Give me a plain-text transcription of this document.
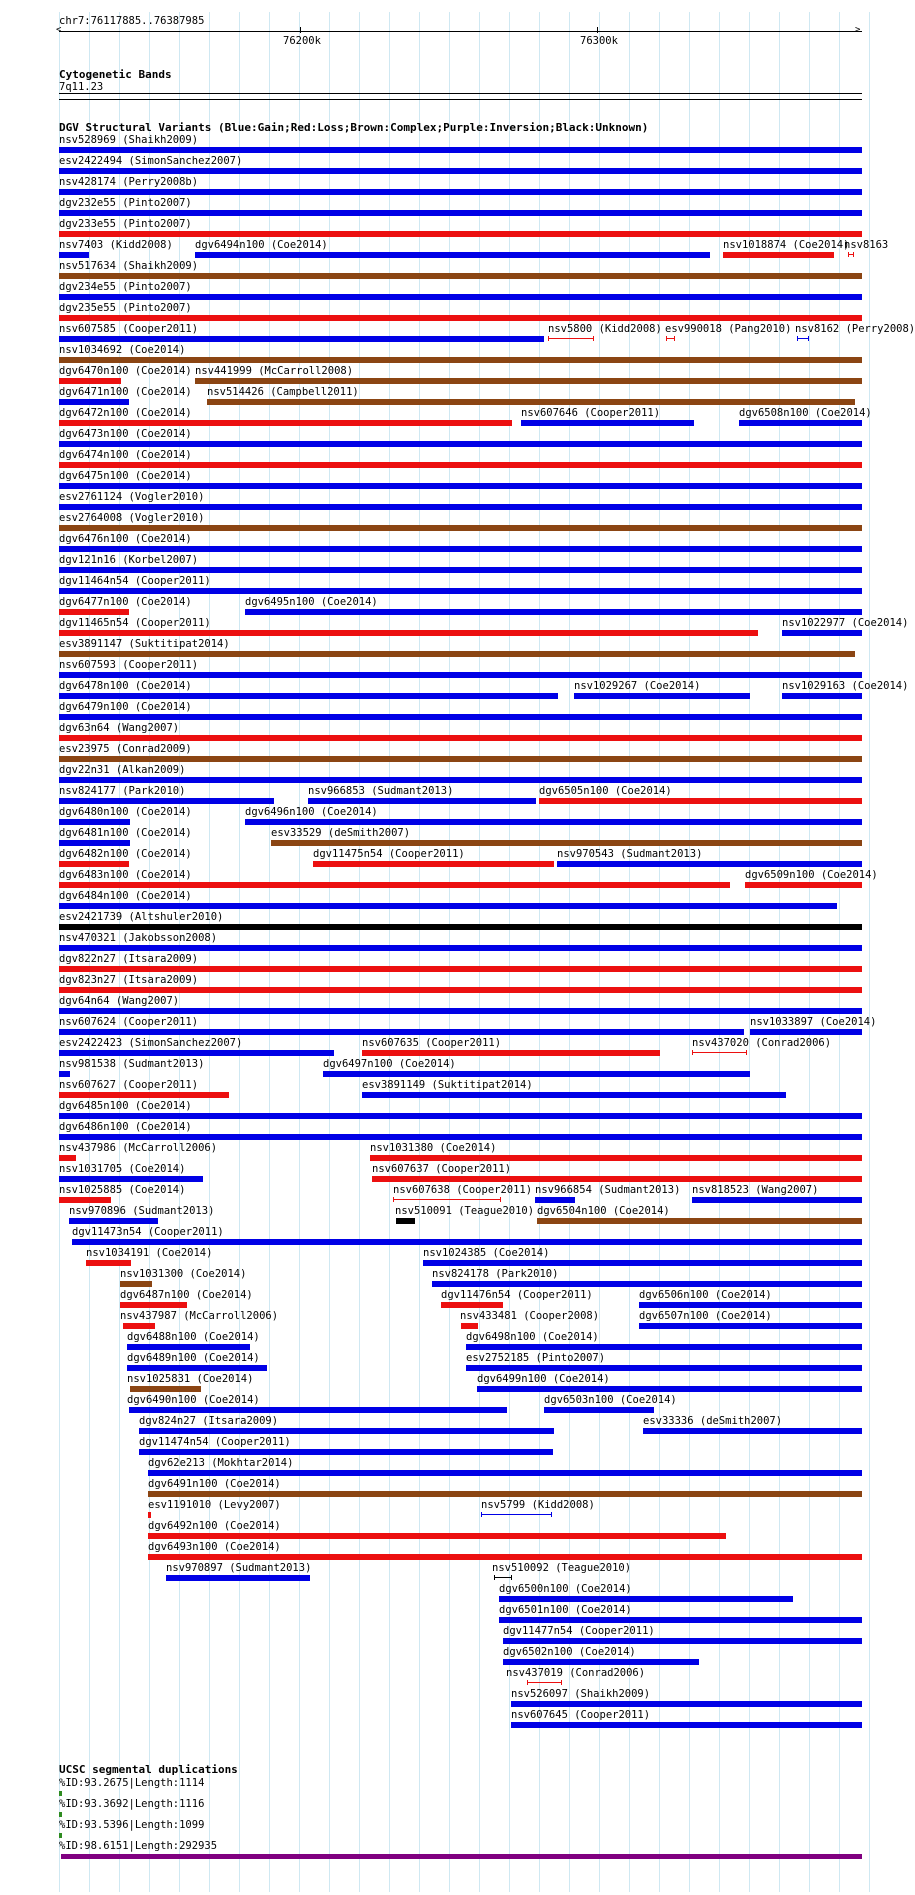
chr7:76117885..76387985
<	>
76200k	76300k
Cytogenetic Bands
7q11.23
DGV Structural Variants (Blue:Gain;Red:Loss;Brown:Complex;Purple:Inversion;Black:Unknown)
nsv528969 (Shaikh2009)
esv2422494 (SimonSanchez2007)
nsv428174 (Perry2008b)
dgv232e55 (Pinto2007)
dgv233e55 (Pinto2007)
nsv7403 (Kidd2008) dgv6494n100 (Coe2014)	nsv1018874 (Coe2014)
nsv8163
nsv517634 (Shaikh2009)
dgv234e55 (Pinto2007)
dgv235e55 (Pinto2007)
nsv607585 (Cooper2011)	nsv5800 (Kidd2008) esv990018 (Pang2010) nsv8162 (Perry2008)
nsv1034692 (Coe2014)
dgv6470n100 (Coe2014) nsv441999 (McCarroll2008)
dgv6471n100 (Coe2014) nsv514426 (Campbell2011)
dgv6472n100 (Coe2014)	nsv607646 (Cooper2011)	dgv6508n100 (Coe2014)
dgv6473n100 (Coe2014)
dgv6474n100 (Coe2014)
dgv6475n100 (Coe2014)
esv2761124 (Vogler2010)
esv2764008 (Vogler2010)
dgv6476n100 (Coe2014)
dgv121n16 (Korbel2007)
dgv11464n54 (Cooper2011)
dgv6477n100 (Coe2014)	dgv6495n100 (Coe2014)
dgv11465n54 (Cooper2011)	nsv1022977 (Coe2014)
esv3891147 (Suktitipat2014)
nsv607593 (Cooper2011)
dgv6478n100 (Coe2014)	nsv1029267 (Coe2014)	nsv1029163 (Coe2014)
dgv6479n100 (Coe2014)
dgv63n64 (Wang2007)
esv23975 (Conrad2009)
dgv22n31 (Alkan2009)
nsv824177 (Park2010)	nsv966853 (Sudmant2013)	dgv6505n100 (Coe2014)
dgv6480n100 (Coe2014)	dgv6496n100 (Coe2014)
dgv6481n100 (Coe2014)	esv33529 (deSmith2007)
dgv6482n100 (Coe2014)	dgv11475n54 (Cooper2011)	nsv970543 (Sudmant2013)
dgv6483n100 (Coe2014)	dgv6509n100 (Coe2014)
dgv6484n100 (Coe2014)
esv2421739 (Altshuler2010)
nsv470321 (Jakobsson2008)
dgv822n27 (Itsara2009)
dgv823n27 (Itsara2009)
dgv64n64 (Wang2007)
nsv607624 (Cooper2011)	nsv1033897 (Coe2014)
esv2422423 (SimonSanchez2007)	nsv607635 (Cooper2011)	nsv437020 (Conrad2006)
nsv981538 (Sudmant2013)	dgv6497n100 (Coe2014)
nsv607627 (Cooper2011)	esv3891149 (Suktitipat2014)
dgv6485n100 (Coe2014)
dgv6486n100 (Coe2014)
nsv437986 (McCarroll2006)	nsv1031380 (Coe2014)
nsv1031705 (Coe2014)	nsv607637 (Cooper2011)
nsv1025885 (Coe2014)	nsv607638 (Cooper2011) nsv966854 (Sudmant2013) nsv818523 (Wang2007)
nsv970896 (Sudmant2013)	nsv510091 (Teague2010) dgv6504n100 (Coe2014)
dgv11473n54 (Cooper2011)
nsv1034191 (Coe2014)	nsv1024385 (Coe2014)
nsv1031300 (Coe2014)	nsv824178 (Park2010)
dgv6487n100 (Coe2014)	dgv11476n54 (Cooper2011)	dgv6506n100 (Coe2014)
nsv437987 (McCarroll2006)	nsv433481 (Cooper2008)	dgv6507n100 (Coe2014)
dgv6488n100 (Coe2014)	dgv6498n100 (Coe2014)
dgv6489n100 (Coe2014)	esv2752185 (Pinto2007)
nsv1025831 (Coe2014)	dgv6499n100 (Coe2014)
dgv6490n100 (Coe2014)	dgv6503n100 (Coe2014)
dgv824n27 (Itsara2009)	esv33336 (deSmith2007)
dgv11474n54 (Cooper2011)
dgv62e213 (Mokhtar2014)
dgv6491n100 (Coe2014)
esv1191010 (Levy2007)	nsv5799 (Kidd2008)
dgv6492n100 (Coe2014)
dgv6493n100 (Coe2014)
nsv970897 (Sudmant2013)	nsv510092 (Teague2010)
dgv6500n100 (Coe2014)
dgv6501n100 (Coe2014)
dgv11477n54 (Cooper2011)
dgv6502n100 (Coe2014)
nsv437019 (Conrad2006)
nsv526097 (Shaikh2009)
nsv607645 (Cooper2011)
UCSC segmental duplications
%ID:93.2675|Length:1114
%ID:93.3692|Length:1116
%ID:93.5396|Length:1099
%ID:98.6151|Length:292935
